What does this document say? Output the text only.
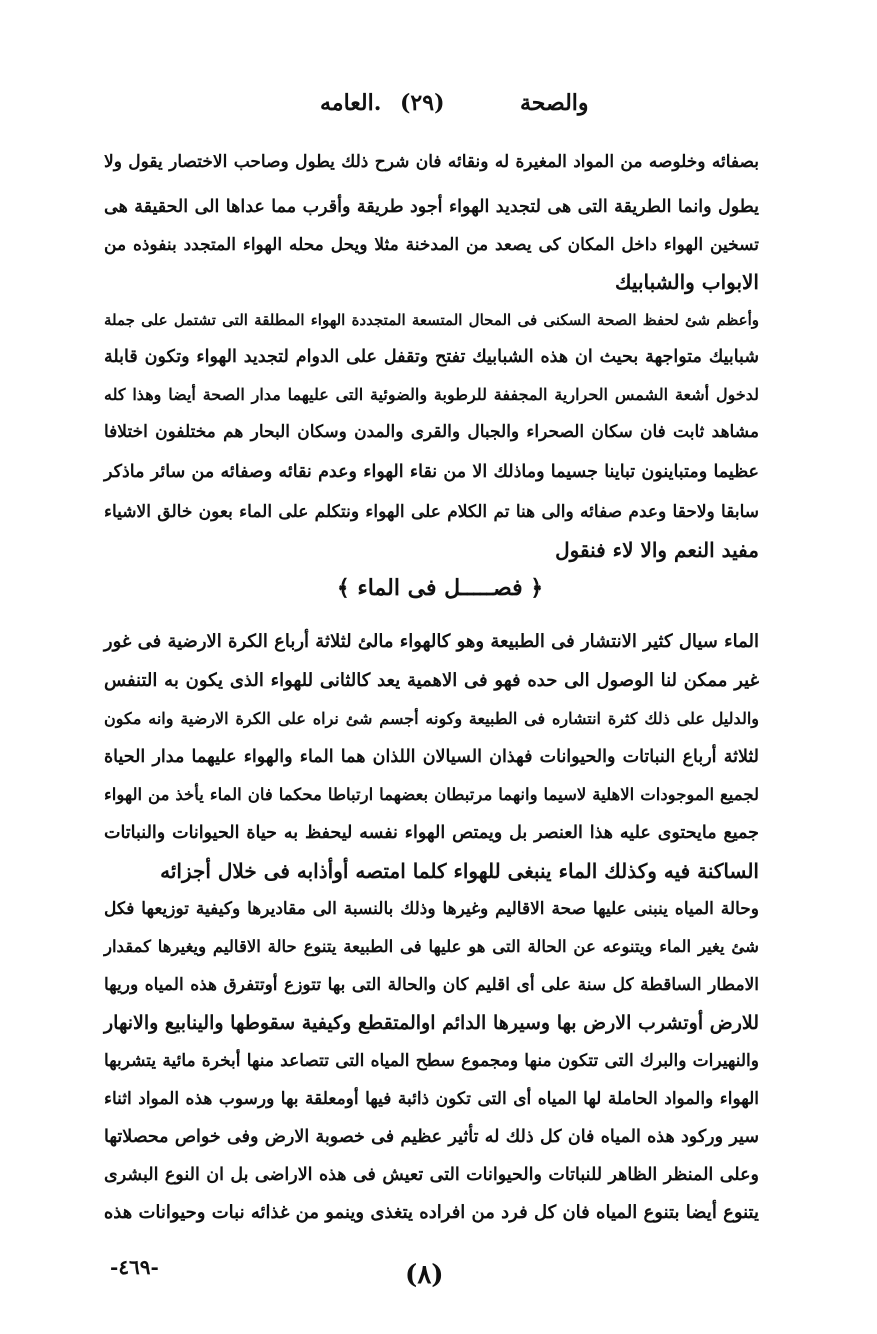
والصحة
(٢٩)
.العامه
بصفائه وخلوصه من المواد المغيرة له ونقائه فان شرح ذلك يطول وصاحب الاختصار يقول ولا
يطول وانما الطريقة التى هى لتجديد الهواء أجود طريقة وأقرب مما عداها الى الحقيقة هى
تسخين الهواء داخل المكان كى يصعد من المدخنة مثلا ويحل محله الهواء المتجدد بنفوذه من
الابواب والشبابيك
وأعظم شئ لحفظ الصحة السكنى فى المحال المتسعة المتجددة الهواء المطلقة التى تشتمل على جملة
شبابيك متواجهة بحيث ان هذه الشبابيك تفتح وتقفل على الدوام لتجديد الهواء وتكون قابلة
لدخول أشعة الشمس الحرارية المجففة للرطوبة والضوئية التى عليهما مدار الصحة أيضا وهذا كله
مشاهد ثابت فان سكان الصحراء والجبال والقرى والمدن وسكان البحار هم مختلفون اختلافا
عظيما ومتباينون تباينا جسيما وماذلك الا من نقاء الهواء وعدم نقائه وصفائه من سائر ماذكر
سابقا ولاحقا وعدم صفائه والى هنا تم الكلام على الهواء ونتكلم على الماء بعون خالق الاشياء
مفيد النعم والا لاء فنقول
﴿ فصـــــل فى الماء ﴾
الماء سيال كثير الانتشار فى الطبيعة وهو كالهواء مالئ لثلاثة أرباع الكرة الارضية فى غور
غير ممكن لنا الوصول الى حده فهو فى الاهمية يعد كالثانى للهواء الذى يكون به التنفس
والدليل على ذلك كثرة انتشاره فى الطبيعة وكونه أجسم شئ نراه على الكرة الارضية وانه مكون
لثلاثة أرباع النباتات والحيوانات فهذان السيالان اللذان هما الماء والهواء عليهما مدار الحياة
لجميع الموجودات الاهلية لاسيما وانهما مرتبطان بعضهما ارتباطا محكما فان الماء يأخذ من الهواء
جميع مايحتوى عليه هذا العنصر بل ويمتص الهواء نفسه ليحفظ به حياة الحيوانات والنباتات
الساكنة فيه وكذلك الماء ينبغى للهواء كلما امتصه أوأذابه فى خلال أجزائه
وحالة المياه ينبنى عليها صحة الاقاليم وغيرها وذلك بالنسبة الى مقاديرها وكيفية توزيعها فكل
شئ يغير الماء ويتنوعه عن الحالة التى هو عليها فى الطبيعة يتنوع حالة الاقاليم ويغيرها كمقدار
الامطار الساقطة كل سنة على أى اقليم كان والحالة التى بها تتوزع أوتتفرق هذه المياه وريها
للارض أوتشرب الارض بها وسيرها الدائم اوالمتقطع وكيفية سقوطها والينابيع والانهار
والنهيرات والبرك التى تتكون منها ومجموع سطح المياه التى تتصاعد منها أبخرة مائية يتشربها
الهواء والمواد الحاملة لها المياه أى التى تكون ذائبة فيها أومعلقة بها ورسوب هذه المواد اثناء
سير وركود هذه المياه فان كل ذلك له تأثير عظيم فى خصوبة الارض وفى خواص محصلاتها
وعلى المنظر الظاهر للنباتات والحيوانات التى تعيش فى هذه الاراضى بل ان النوع البشرى
يتنوع أيضا بتنوع المياه فان كل فرد من افراده يتغذى وينمو من غذائه نبات وحيوانات هذه
-٤٦٩-	(٨)
